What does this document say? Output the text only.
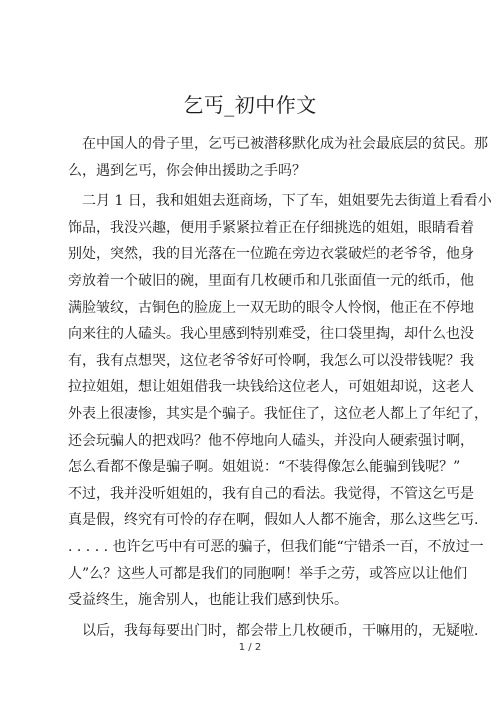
乞丐_初中作文
在中国人的骨子里，乞丐已被潜移默化成为社会最底层的贫民。那
么，遇到乞丐，你会伸出援助之手吗？
二月 1 日，我和姐姐去逛商场，下了车，姐姐要先去街道上看看小
饰品，我没兴趣，便用手紧紧拉着正在仔细挑选的姐姐，眼睛看着
别处，突然，我的目光落在一位跪在旁边衣裳破烂的老爷爷，他身
旁放着一个破旧的碗，里面有几枚硬币和几张面值一元的纸币，他
满脸皱纹，古铜色的脸庞上一双无助的眼令人怜悯，他正在不停地
向来往的人磕头。我心里感到特别难受，往口袋里掏，却什么也没
有，我有点想哭，这位老爷爷好可怜啊，我怎么可以没带钱呢？我
拉拉姐姐，想让姐姐借我一块钱给这位老人，可姐姐却说，这老人
外表上很凄惨，其实是个骗子。我怔住了，这位老人都上了年纪了，
还会玩骗人的把戏吗？他不停地向人磕头，并没向人硬索强讨啊，
怎么看都不像是骗子啊。姐姐说：“不装得像怎么能骗到钱呢？”
不过，我并没听姐姐的，我有自己的看法。我觉得，不管这乞丐是
真是假，终究有可怜的存在啊，假如人人都不施舍，那么这些乞丐.
. . . . . 也许乞丐中有可恶的骗子，但我们能“宁错杀一百，不放过一
人”么？这些人可都是我们的同胞啊！举手之劳，或答应以让他们
受益终生，施舍别人，也能让我们感到快乐。
以后，我每每要出门时，都会带上几枚硬币，干嘛用的，无疑啦.
1 / 2
